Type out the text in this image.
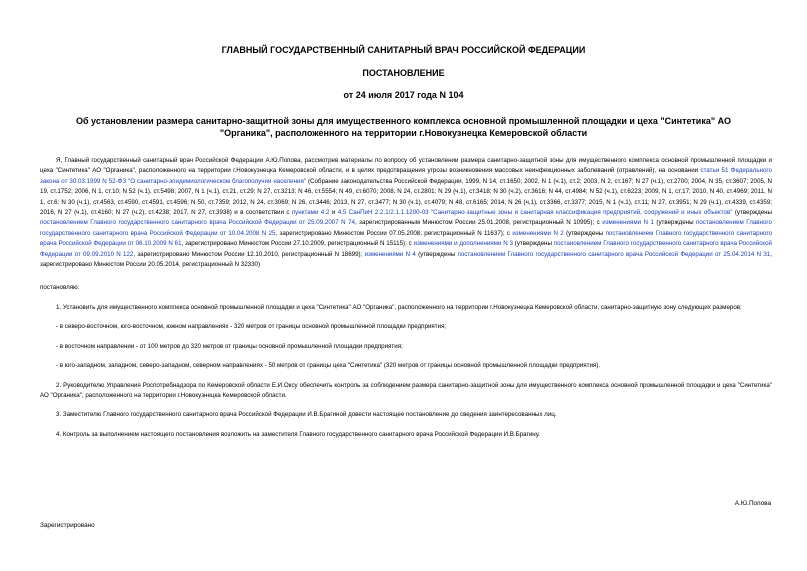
ГЛАВНЫЙ ГОСУДАРСТВЕННЫЙ САНИТАРНЫЙ ВРАЧ РОССИЙСКОЙ ФЕДЕРАЦИИ
ПОСТАНОВЛЕНИЕ
от 24 июля 2017 года N 104
Об установлении размера санитарно-защитной зоны для имущественного комплекса основной промышленной площадки и цеха "Синтетика" АО "Органика", расположенного на территории г.Новокузнецка Кемеровской области

Я, Главный государственный санитарный врач Российской Федерации А.Ю.Попова, рассмотрев материалы по вопросу об установлении размера санитарно-защитной зоны для имущественного комплекса основной промышленной площадки и цеха "Синтетика" АО "Органика", расположенного на территории г.Новокузнецка Кемеровской области, и в целях предотвращения угрозы возникновения массовых неинфекционных заболеваний (отравлений), на основании статьи 51 Федерального закона от 30.03.1999 N 52-ФЗ "О санитарно-эпидемиологическом благополучии населения" (Собрание законодательства Российской Федерации, 1999, N 14, ст.1650; 2002, N 1 (ч.1), ст.2; 2003, N 2, ст.167; N 27 (ч.1), ст.2700; 2004, N 35, ст.3607; 2005, N 19, ст.1752; 2006, N 1, ст.10; N 52 (ч.1), ст.5498; 2007, N 1 (ч.1), ст.21, ст.29; N 27, ст.3213; N 46, ст.5554; N 49, ст.6070; 2008, N 24, ст.2801; N 29 (ч.1), ст.3418; N 30 (ч.2), ст.3616; N 44, ст.4984; N 52 (ч.1), ст.6223; 2009, N 1, ст.17; 2010, N 40, ст.4969; 2011, N 1, ст.6; N 30 (ч.1), ст.4563, ст.4590, ст.4591, ст.4596; N 50, ст.7359; 2012, N 24, ст.3069; N 26, ст.3446; 2013, N 27, ст.3477; N 30 (ч.1), ст.4079; N 48, ст.6165; 2014, N 26 (ч.1), ст.3366, ст.3377; 2015, N 1 (ч.1), ст.11; N 27, ст.3951; N 29 (ч.1), ст.4339, ст.4359; 2016, N 27 (ч.1), ст.4160; N 27 (ч.2), ст.4238; 2017, N 27, ст.3938) и в соответствии с пунктами 4.2 и 4.5 СанПиН 2.2.1/2.1.1.1200-03 "Санитарно-защитные зоны и санитарная классификация предприятий, сооружений и иных объектов" (утверждены постановлением Главного государственного санитарного врача Российской Федерации от 25.09.2007 N 74, зарегистрированным Минюстом России 25.01.2008, регистрационный N 10995); с изменениями N 1 (утверждены постановлением Главного государственного санитарного врача Российской Федерации от 10.04.2008 N 25, зарегистрировано Минюстом России 07.05.2008, регистрационный N 11637); с изменениями N 2 (утверждены постановлением Главного государственного санитарного врача Российской Федерации от 06.10.2009 N 61, зарегистрировано Минюстом России 27.10.2009, регистрационный N 15115); с изменениями и дополнениями N 3 (утверждены постановлением Главного государственного санитарного врача Российской Федерации от 09.09.2010 N 122, зарегистрировано Минюстом России 12.10.2010, регистрационный N 18699); изменениями N 4 (утверждены постановлением Главного государственного санитарного врача Российской Федерации от 25.04.2014 N 31, зарегистрировано Минюстом России 20.05.2014, регистрационный N 32330)

постановляю:

1. Установить для имущественного комплекса основной промышленной площадки и цеха "Синтетика" АО "Органика", расположенного на территории г.Новокузнецка Кемеровской области, санитарно-защитную зону следующих размеров:

- в северо-восточном, юго-восточном, южном направлениях - 320 метров от границы основной промышленной площадки предприятия;

- в восточном направлении - от 100 метров до 320 метров от границы основной промышленной площадки предприятия;

- в юго-западном, западном, северо-западном, северном направлениях - 50 метров от границы цеха "Синтетика" (320 метров от границы основной промышленной площадки предприятия).

2. Руководителю Управления Роспотребнадзора по Кемеровской области Е.И.Оксу обеспечить контроль за соблюдением размера санитарно-защитной зоны для имущественного комплекса основной промышленной площадки и цеха "Синтетика" АО "Органика", расположенного на территории г.Новокузнецка Кемеровской области.

3. Заместителю Главного государственного санитарного врача Российской Федерации И.В.Брагиной довести настоящее постановление до сведения заинтересованных лиц.

4. Контроль за выполнением настоящего постановления возложить на заместителя Главного государственного санитарного врача Российской Федерации И.В.Брагину.

А.Ю.Попова
Зарегистрировано
